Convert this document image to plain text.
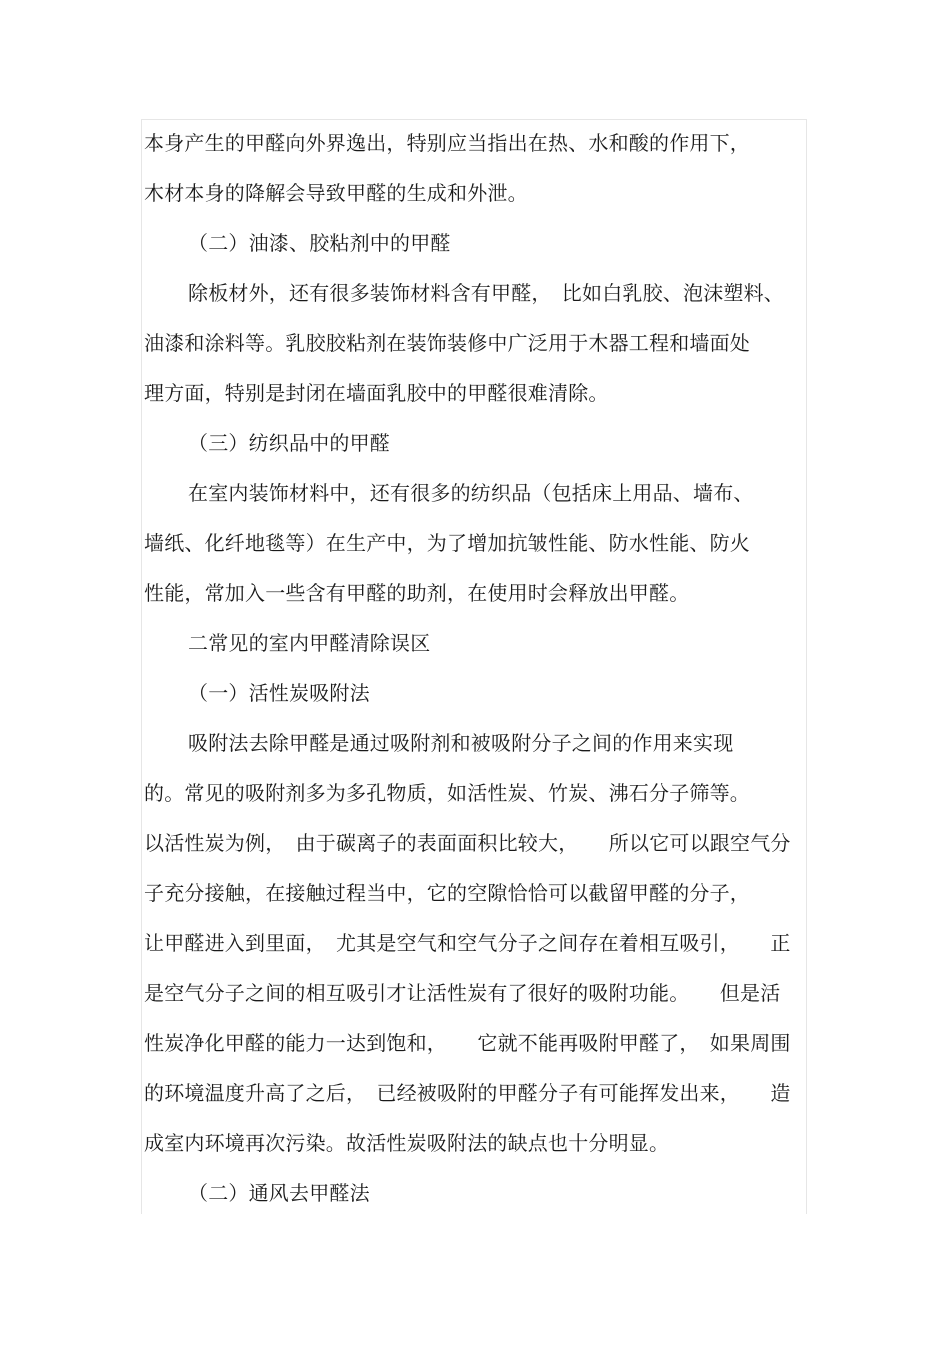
本身产生的甲醛向外界逸出，特别应当指出在热、水和酸的作用下，
木材本身的降解会导致甲醛的生成和外泄。
（二）油漆、胶粘剂中的甲醛
除板材外，还有很多装饰材料含有甲醛，　比如白乳胶、泡沫塑料、
油漆和涂料等。乳胶胶粘剂在装饰装修中广泛用于木器工程和墙面处
理方面，特别是封闭在墙面乳胶中的甲醛很难清除。
（三）纺织品中的甲醛
在室内装饰材料中，还有很多的纺织品（包括床上用品、墙布、
墙纸、化纤地毯等）在生产中，为了增加抗皱性能、防水性能、防火
性能，常加入一些含有甲醛的助剂，在使用时会释放出甲醛。
二常见的室内甲醛清除误区
（一）活性炭吸附法
吸附法去除甲醛是通过吸附剂和被吸附分子之间的作用来实现
的。常见的吸附剂多为多孔物质，如活性炭、竹炭、沸石分子筛等。
以活性炭为例，　由于碳离子的表面面积比较大，　　所以它可以跟空气分
子充分接触，在接触过程当中，它的空隙恰恰可以截留甲醛的分子，
让甲醛进入到里面，　尤其是空气和空气分子之间存在着相互吸引，　　正
是空气分子之间的相互吸引才让活性炭有了很好的吸附功能。　　但是活
性炭净化甲醛的能力一达到饱和，　　它就不能再吸附甲醛了，　如果周围
的环境温度升高了之后，　已经被吸附的甲醛分子有可能挥发出来，　　造
成室内环境再次污染。故活性炭吸附法的缺点也十分明显。
（二）通风去甲醛法
